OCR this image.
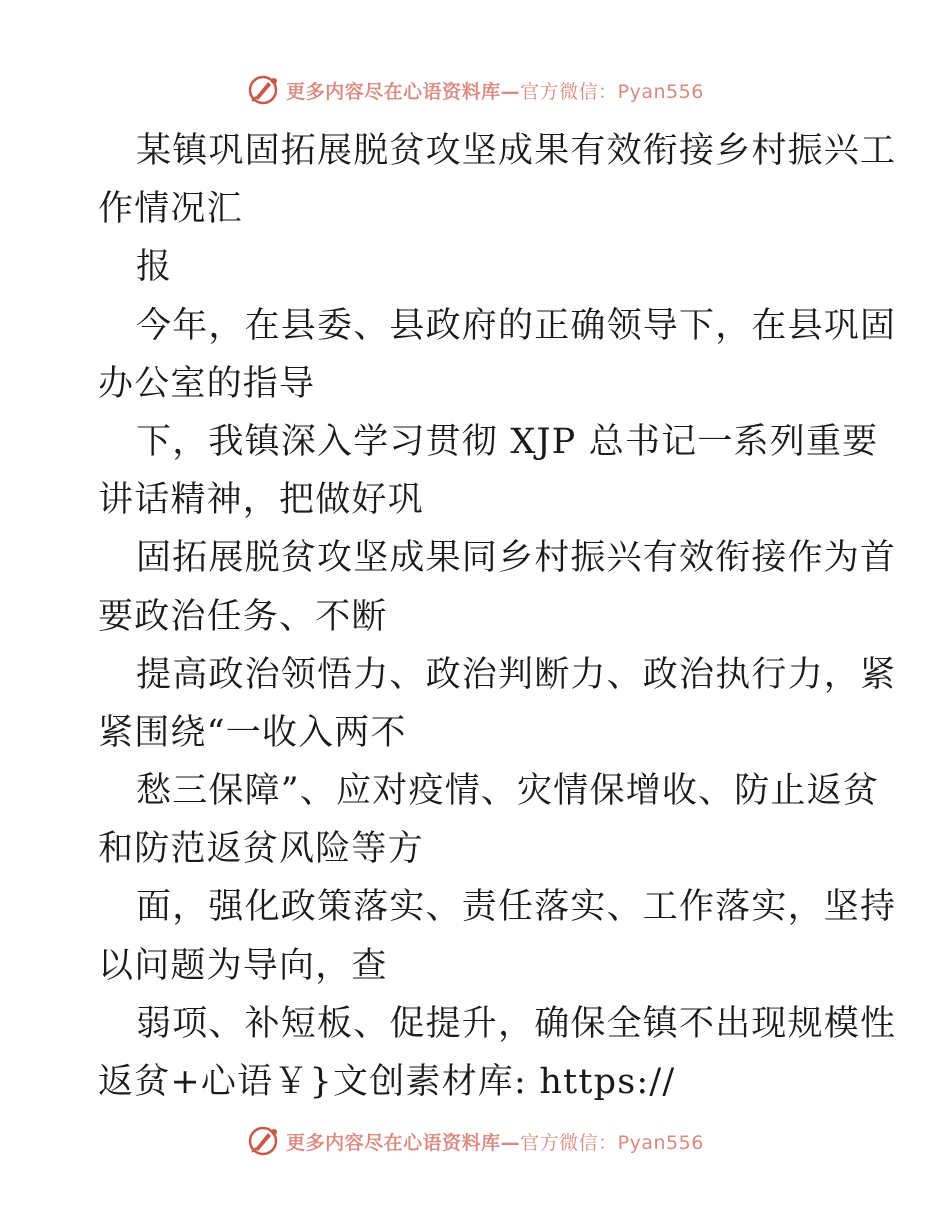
更多内容尽在心语资料库—官方微信：Pyan556
某镇巩固拓展脱贫攻坚成果有效衔接乡村振兴工
作情况汇
报
今年，在县委、县政府的正确领导下，在县巩固
办公室的指导
下，我镇深入学习贯彻 XJP 总书记一系列重要
讲话精神，把做好巩
固拓展脱贫攻坚成果同乡村振兴有效衔接作为首
要政治任务、不断
提高政治领悟力、政治判断力、政治执行力，紧
紧围绕“一收入两不
愁三保障”、应对疫情、灾情保增收、防止返贫
和防范返贫风险等方
面，强化政策落实、责任落实、工作落实，坚持
以问题为导向，查
弱项、补短板、促提升，确保全镇不出现规模性
返贫+心语￥}文创素材库: https://
更多内容尽在心语资料库—官方微信：Pyan556
